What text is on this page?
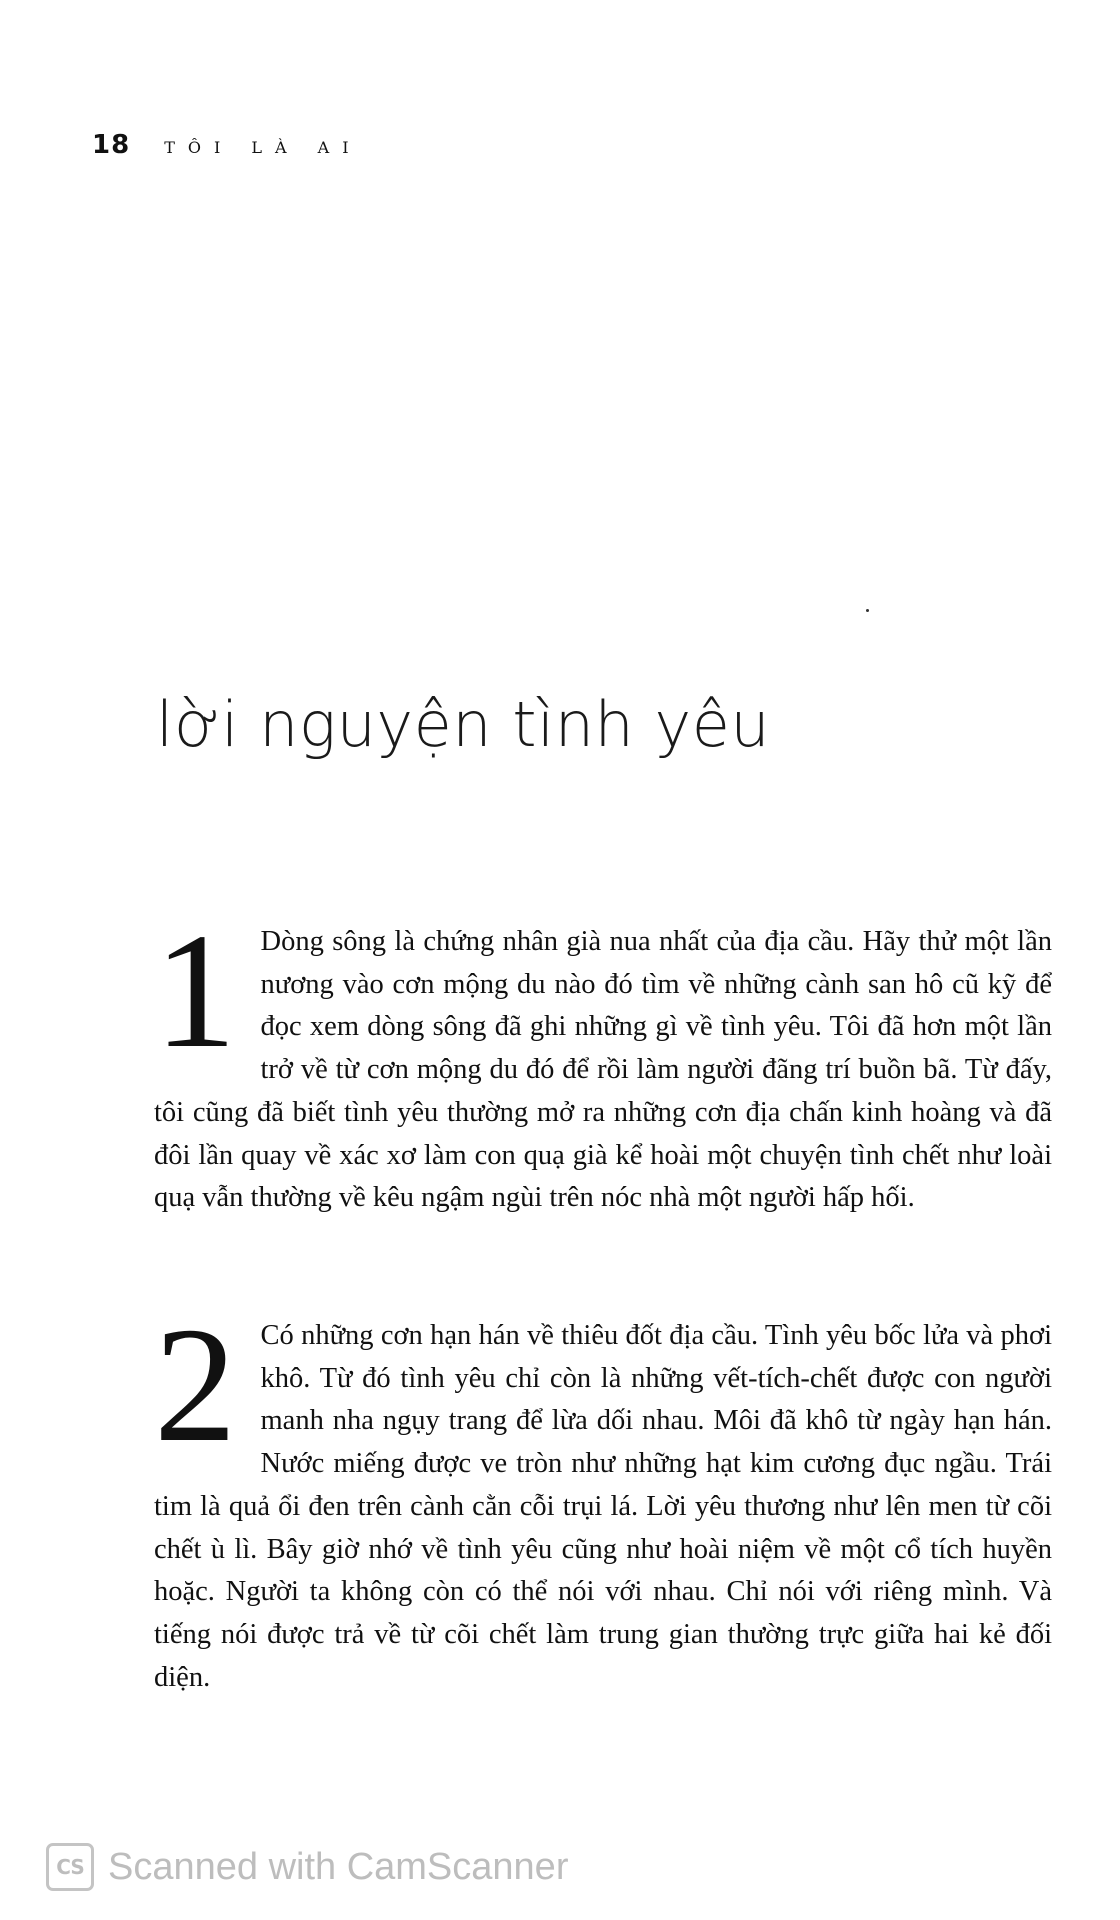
18 TÔI LÀ AI
lời nguyện tình yêu

1 Dòng sông là chứng nhân già nua nhất của địa cầu. Hãy thử một lần nương vào cơn mộng du nào đó tìm về những cành san hô cũ kỹ để đọc xem dòng sông đã ghi những gì về tình yêu. Tôi đã hơn một lần trở về từ cơn mộng du đó để rồi làm người đãng trí buồn bã. Từ đấy, tôi cũng đã biết tình yêu thường mở ra những cơn địa chấn kinh hoàng và đã đôi lần quay về xác xơ làm con quạ già kể hoài một chuyện tình chết như loài quạ vẫn thường về kêu ngậm ngùi trên nóc nhà một người hấp hối.

2 Có những cơn hạn hán về thiêu đốt địa cầu. Tình yêu bốc lửa và phơi khô. Từ đó tình yêu chỉ còn là những vết-tích-chết được con người manh nha ngụy trang để lừa dối nhau. Môi đã khô từ ngày hạn hán. Nước miếng được ve tròn như những hạt kim cương đục ngầu. Trái tim là quả ổi đen trên cành cằn cỗi trụi lá. Lời yêu thương như lên men từ cõi chết ù lì. Bây giờ nhớ về tình yêu cũng như hoài niệm về một cổ tích huyền hoặc. Người ta không còn có thể nói với nhau. Chỉ nói với riêng mình. Và tiếng nói được trả về từ cõi chết làm trung gian thường trực giữa hai kẻ đối diện.

CS Scanned with CamScanner
